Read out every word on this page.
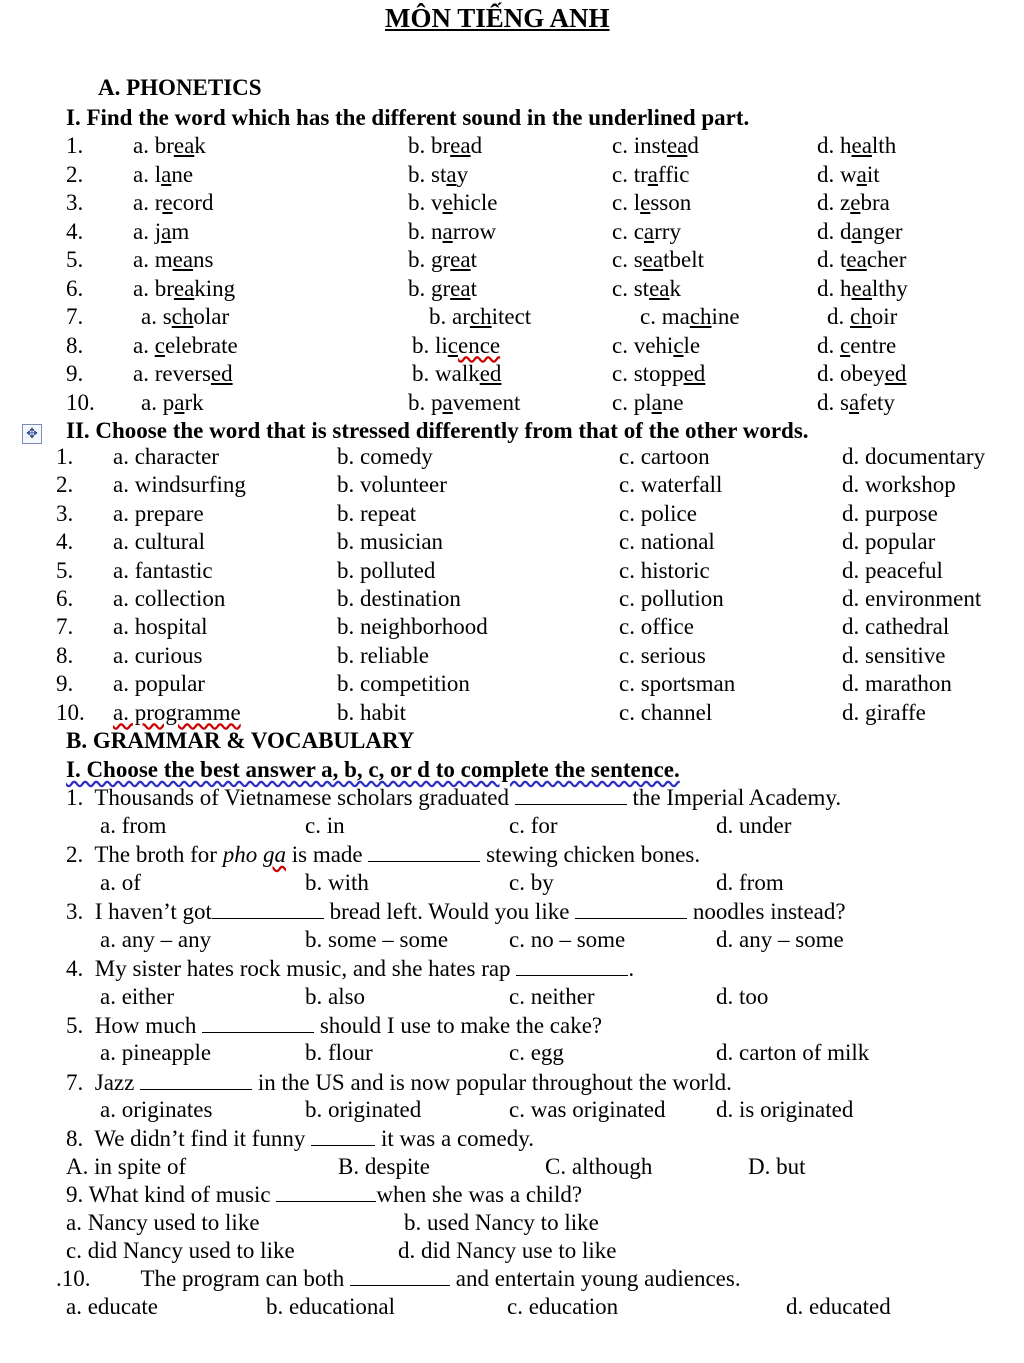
MÔN TIẾNG ANH
A. PHONETICS
I. Find the word which has the different sound in the underlined part.
1. a. break	b. bread	c. instead	d. health
2. a. lane	b. stay	c. traffic	d. wait
3. a. record	b. vehicle	c. lesson	d. zebra
4. a. jam	b. narrow	c. carry	d. danger
5. a. means	b. great	c. seatbelt	d. teacher
6. a. breaking	b. great	c. steak	d. healthy
7.	a. scholar	b. architect	c. machine	d. choir
8. a. celebrate	b. licence	c. vehicle	d. centre
9. a. reversed	b. walked	c. stopped	d. obeyed
10. a. park	b. pavement	c. plane	d. safety
✥ II. Choose the word that is stressed differently from that of the other words.
1. a. character	b. comedy	c. cartoon	d. documentary
2. a. windsurfing	b. volunteer	c. waterfall	d. workshop
3. a. prepare	b. repeat	c. police	d. purpose
4. a. cultural	b. musician	c. national	d. popular
5. a. fantastic	b. polluted	c. historic	d. peaceful
6. a. collection	b. destination	c. pollution	d. environment
7. a. hospital	b. neighborhood	c. office	d. cathedral
8. a. curious	b. reliable	c. serious	d. sensitive
9. a. popular	b. competition	c. sportsman	d. marathon
10. a. programme	b. habit	c. channel	d. giraffe
B. GRAMMAR & VOCABULARY
I. Choose the best answer a, b, c, or d to complete the sentence.
1. Thousands of Vietnamese scholars graduated	the Imperial Academy.
a. from	c. in	c. for	d. under
2. The broth for pho ga is made	stewing chicken bones.
a. of	b. with	c. by	d. from
3. I haven’t got	bread left. Would you like	noodles instead?
a. any – any	b. some – some	c. no – some	d. any – some
4. My sister hates rock music, and she hates rap	.
a. either	b. also	c. neither	d. too
5. How much	should I use to make the cake?
a. pineapple	b. flour	c. egg	d. carton of milk
7. Jazz	in the US and is now popular throughout the world.
a. originates	b. originated	c. was originated d. is originated
8. We didn’t find it funny	it was a comedy.
A. in spite of	B. despite	C. although	D. but
9. What kind of music	when she was a child?
a. Nancy used to like	b. used Nancy to like
c. did Nancy used to like	d. did Nancy use to like
.10. The program can both	and entertain young audiences.
a. educate	b. educational	c. education	d. educated
